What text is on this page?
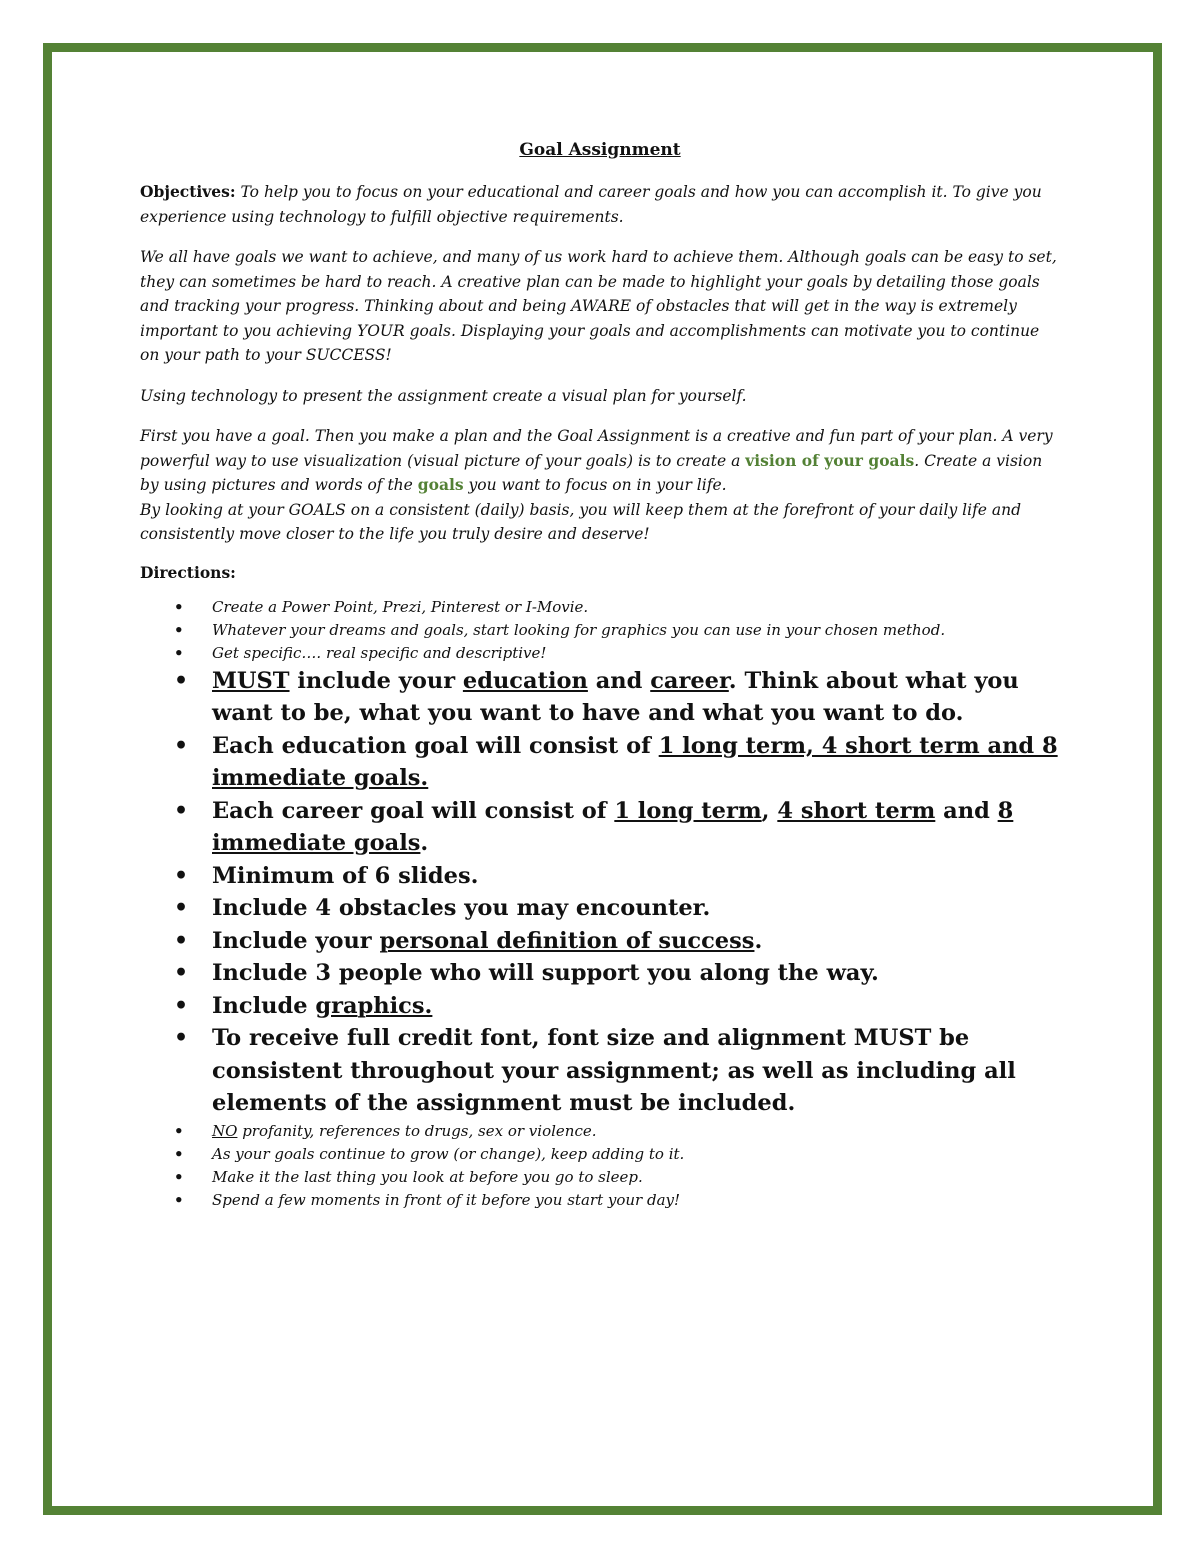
Goal Assignment

Objectives: To help you to focus on your educational and career goals and how you can accomplish it. To give you experience using technology to fulfill objective requirements.

We all have goals we want to achieve, and many of us work hard to achieve them. Although goals can be easy to set, they can sometimes be hard to reach. A creative plan can be made to highlight your goals by detailing those goals and tracking your progress. Thinking about and being AWARE of obstacles that will get in the way is extremely important to you achieving YOUR goals. Displaying your goals and accomplishments can motivate you to continue on your path to your SUCCESS!

Using technology to present the assignment create a visual plan for yourself.

First you have a goal. Then you make a plan and the Goal Assignment is a creative and fun part of your plan. A very powerful way to use visualization (visual picture of your goals) is to create a vision of your goals. Create a vision by using pictures and words of the goals you want to focus on in your life.

By looking at your GOALS on a consistent (daily) basis, you will keep them at the forefront of your daily life and consistently move closer to the life you truly desire and deserve!

Directions:
• Create a Power Point, Prezi, Pinterest or I-Movie.
• Whatever your dreams and goals, start looking for graphics you can use in your chosen method.
• Get specific…. real specific and descriptive!
• MUST include your education and career. Think about what you want to be, what you want to have and what you want to do.
• Each education goal will consist of 1 long term, 4 short term and 8 immediate goals.
• Each career goal will consist of 1 long term, 4 short term and 8 immediate goals.
• Minimum of 6 slides.
• Include 4 obstacles you may encounter.
• Include your personal definition of success.
• Include 3 people who will support you along the way.
• Include graphics.
• To receive full credit font, font size and alignment MUST be consistent throughout your assignment; as well as including all elements of the assignment must be included.
• NO profanity, references to drugs, sex or violence.
• As your goals continue to grow (or change), keep adding to it.
• Make it the last thing you look at before you go to sleep.
• Spend a few moments in front of it before you start your day!
